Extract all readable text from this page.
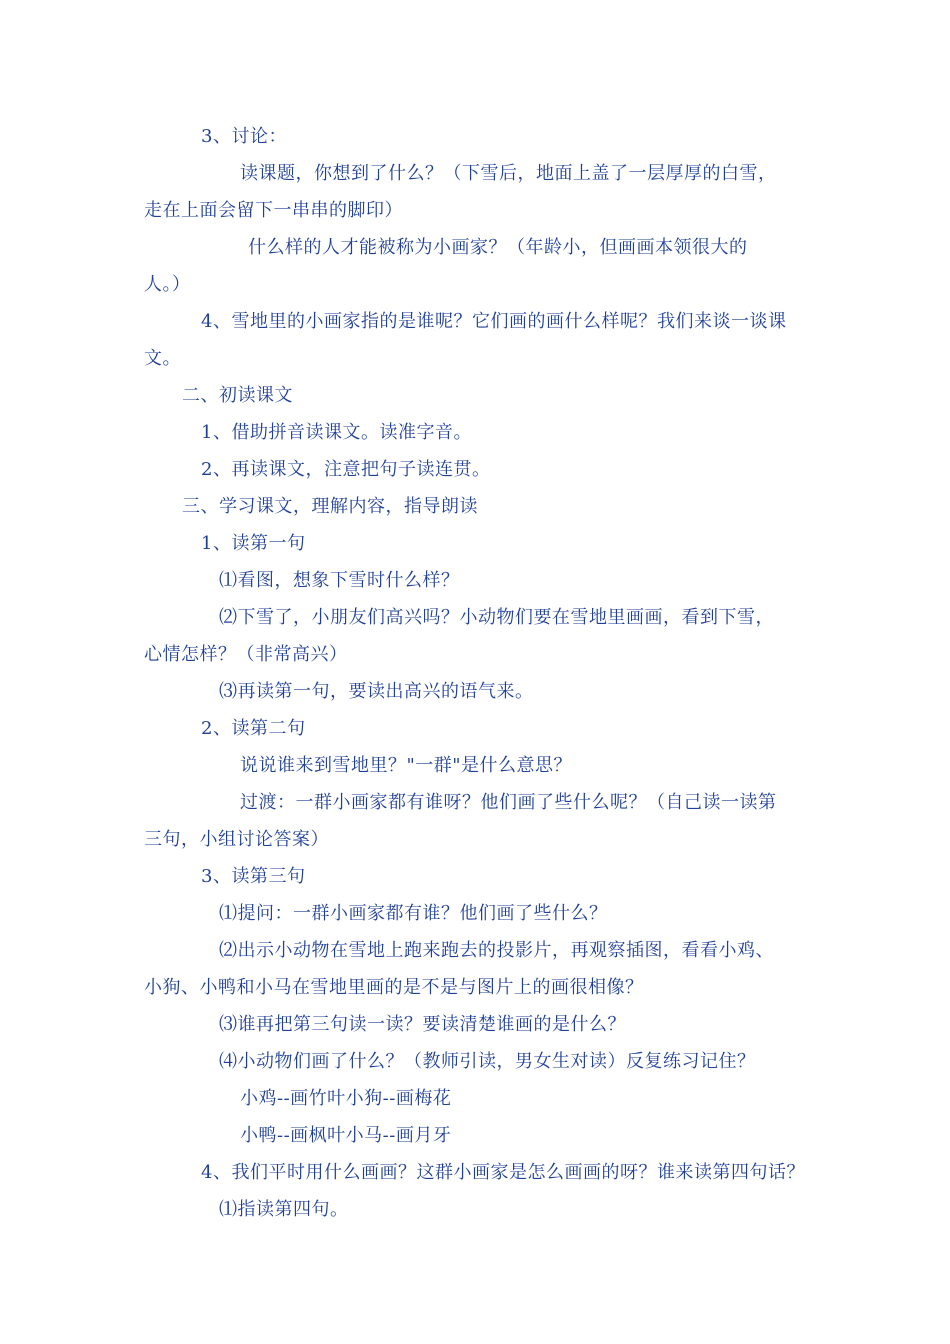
3、讨论：

读课题，你想到了什么？（下雪后，地面上盖了一层厚厚的白雪，

走在上面会留下一串串的脚印）

什么样的人才能被称为小画家？（年龄小，但画画本领很大的

人。）

4、雪地里的小画家指的是谁呢？它们画的画什么样呢？我们来谈一谈课

文。

二、初读课文

1、借助拼音读课文。读准字音。

2、再读课文，注意把句子读连贯。

三、学习课文，理解内容，指导朗读

1、读第一句

⑴看图，想象下雪时什么样？

⑵下雪了，小朋友们高兴吗？小动物们要在雪地里画画，看到下雪，

心情怎样？（非常高兴）

⑶再读第一句，要读出高兴的语气来。

2、读第二句

说说谁来到雪地里？"一群"是什么意思？

过渡：一群小画家都有谁呀？他们画了些什么呢？（自己读一读第

三句，小组讨论答案）

3、读第三句

⑴提问：一群小画家都有谁？他们画了些什么？

⑵出示小动物在雪地上跑来跑去的投影片，再观察插图，看看小鸡、

小狗、小鸭和小马在雪地里画的是不是与图片上的画很相像？

⑶谁再把第三句读一读？要读清楚谁画的是什么？

⑷小动物们画了什么？（教师引读，男女生对读）反复练习记住？

小鸡--画竹叶小狗--画梅花

小鸭--画枫叶小马--画月牙

4、我们平时用什么画画？这群小画家是怎么画画的呀？谁来读第四句话？

⑴指读第四句。
